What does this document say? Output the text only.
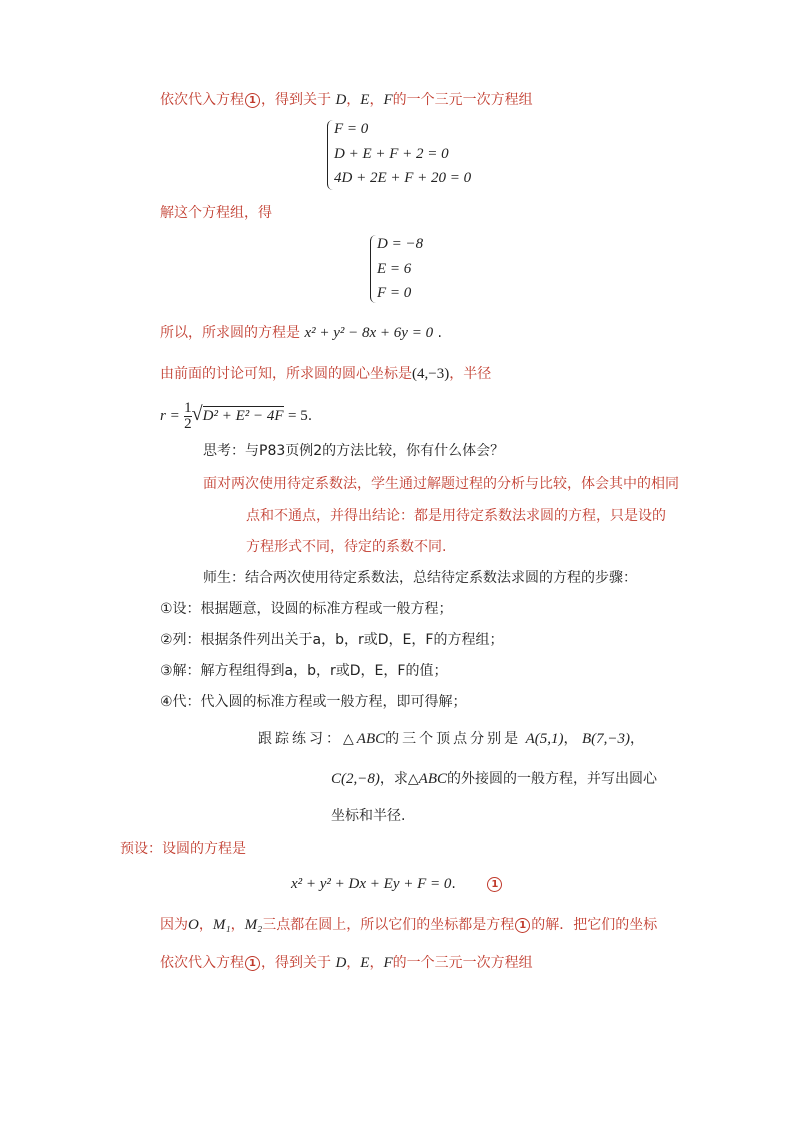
依次代入方程 1 ，得到关于 D，E，F的一个三元一次方程组
F = 0
D + E + F + 2 = 0
4D + 2E + F + 20 = 0
解这个方程组，得
D = −8
E = 6
F = 0
所以，所求圆的方程是 x² + y² − 8x + 6y = 0 .
由前面的讨论可知，所求圆的圆心坐标是(4,−3)，半径
$r = \frac{1}{2} √D^2 + E^2 - 4F = 5$.
思考：与P83页例2的方法比较，你有什么体会？
面对两次使用待定系数法，学生通过解题过程的分析与比较，体会其中的相同
点和不通点，并得出结论：都是用待定系数法求圆的方程，只是设的
方程形式不同，待定的系数不同.
师生：结合两次使用待定系数法，总结待定系数法求圆的方程的步骤：
①设：根据题意，设圆的标准方程或一般方程；
②列：根据条件列出关于a，b，r或D，E，F的方程组；
③解：解方程组得到a，b，r或D，E，F的值；
④代：代入圆的标准方程或一般方程，即可得解；
跟踪练习：△ABC的三个顶点分别是 A(5,1)， B(7,−3)，
C(2,−8)，求△ABC的外接圆的一般方程，并写出圆心
坐标和半径.
预设：设圆的方程是
x² + y² + Dx + Ey + F = 0.	1
因为O，M₁，M₂三点都在圆上，所以它们的坐标都是方程 1 的解．把它们的坐标
依次代入方程 1 ，得到关于 D，E，F的一个三元一次方程组
